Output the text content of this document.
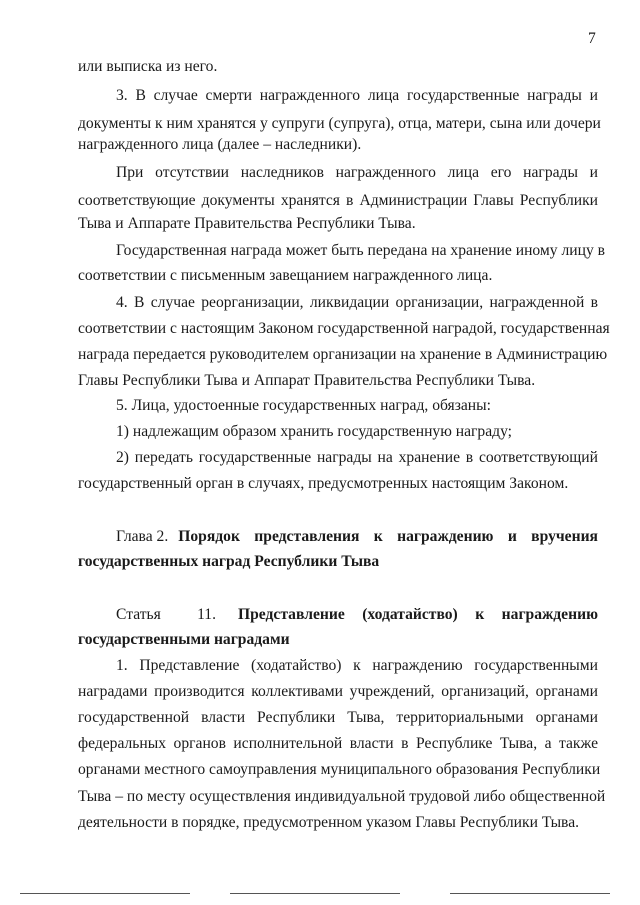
7
или выписка из него.
3. В случае смерти награжденного лица государственные награды и
документы к ним хранятся у супруги (супруга), отца, матери, сына или дочери
награжденного лица (далее – наследники).
При отсутствии наследников награжденного лица его награды и
соответствующие документы хранятся в Администрации Главы Республики
Тыва и Аппарате Правительства Республики Тыва.
Государственная награда может быть передана на хранение иному лицу в
соответствии с письменным завещанием награжденного лица.
4. В случае реорганизации, ликвидации организации, награжденной в
соответствии с настоящим Законом государственной наградой, государственная
награда передается руководителем организации на хранение в Администрацию
Главы Республики Тыва и Аппарат Правительства Республики Тыва.
5. Лица, удостоенные государственных наград, обязаны:
1) надлежащим образом хранить государственную награду;
2) передать государственные награды на хранение в соответствующий
государственный орган в случаях, предусмотренных настоящим Законом.
Глава 2. Порядок представления к награждению и вручения
государственных наград Республики Тыва
Статья 11. Представление (ходатайство) к награждению
государственными наградами
1. Представление (ходатайство) к награждению государственными
наградами производится коллективами учреждений, организаций, органами
государственной власти Республики Тыва, территориальными органами
федеральных органов исполнительной власти в Республике Тыва, а также
органами местного самоуправления муниципального образования Республики
Тыва – по месту осуществления индивидуальной трудовой либо общественной
деятельности в порядке, предусмотренном указом Главы Республики Тыва.
